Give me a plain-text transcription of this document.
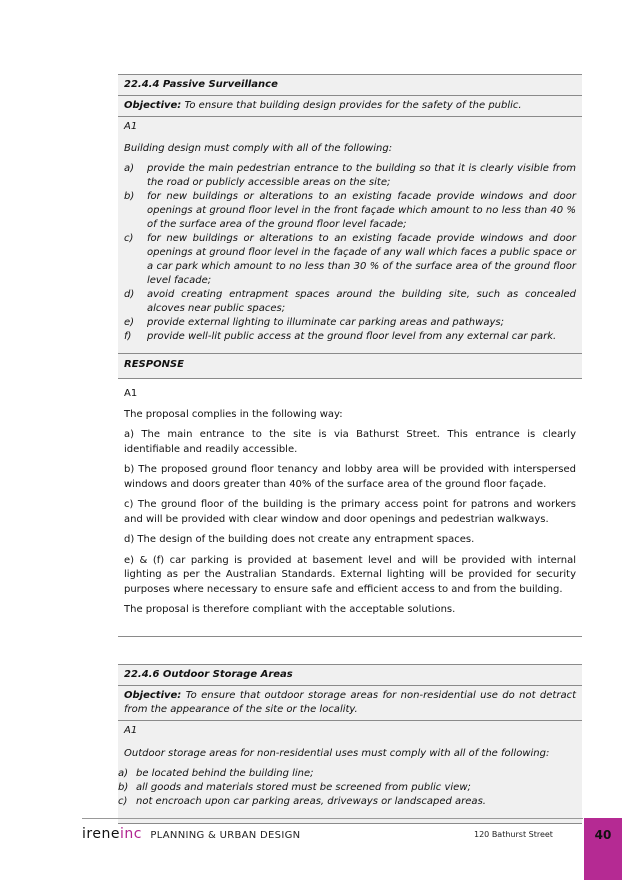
22.4.4 Passive Surveillance
Objective: To ensure that building design provides for the safety of the public.
A1
Building design must comply with all of the following:
a)	provide the main pedestrian entrance to the building so that it is clearly visible from the road or publicly accessible areas on the site;
b)	for new buildings or alterations to an existing facade provide windows and door openings at ground floor level in the front façade which amount to no less than 40 % of the surface area of the ground floor level facade;
c)	for new buildings or alterations to an existing facade provide windows and door openings at ground floor level in the façade of any wall which faces a public space or a car park which amount to no less than 30 % of the surface area of the ground floor level facade;
d)	avoid creating entrapment spaces around the building site, such as concealed alcoves near public spaces;
e)	provide external lighting to illuminate car parking areas and pathways;
f)	provide well-lit public access at the ground floor level from any external car park.
RESPONSE

A1

The proposal complies in the following way:

a) The main entrance to the site is via Bathurst Street. This entrance is clearly identifiable and readily accessible.

b) The proposed ground floor tenancy and lobby area will be provided with interspersed windows and doors greater than 40% of the surface area of the ground floor façade.

c) The ground floor of the building is the primary access point for patrons and workers and will be provided with clear window and door openings and pedestrian walkways.

d) The design of the building does not create any entrapment spaces.

e) & (f) car parking is provided at basement level and will be provided with internal lighting as per the Australian Standards. External lighting will be provided for security purposes where necessary to ensure safe and efficient access to and from the building.

The proposal is therefore compliant with the acceptable solutions.

22.4.6 Outdoor Storage Areas
Objective: To ensure that outdoor storage areas for non-residential use do not detract from the appearance of the site or the locality.
A1
Outdoor storage areas for non-residential uses must comply with all of the following:
a) be located behind the building line;
b) all goods and materials stored must be screened from public view;
c) not encroach upon car parking areas, driveways or landscaped areas.
ireneinc PLANNING & URBAN DESIGN	120 Bathurst Street	40
